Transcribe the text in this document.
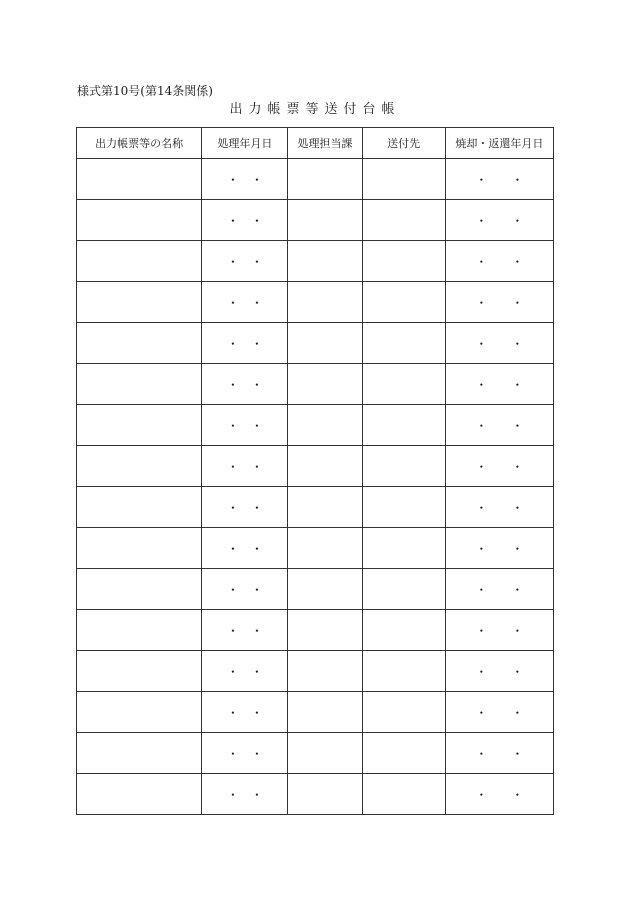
様式第10号(第14条関係)
出力帳票等送付台帳
出力帳票等の名称	処理年月日	処理担当課	送付先	焼却・返還年月日
	・　・			・　　・
	・　・			・　　・
	・　・			・　　・
	・　・			・　　・
	・　・			・　　・
	・　・			・　　・
	・　・			・　　・
	・　・			・　　・
	・　・			・　　・
	・　・			・　　・
	・　・			・　　・
	・　・			・　　・
	・　・			・　　・
	・　・			・　　・
	・　・			・　　・
	・　・			・　　・
